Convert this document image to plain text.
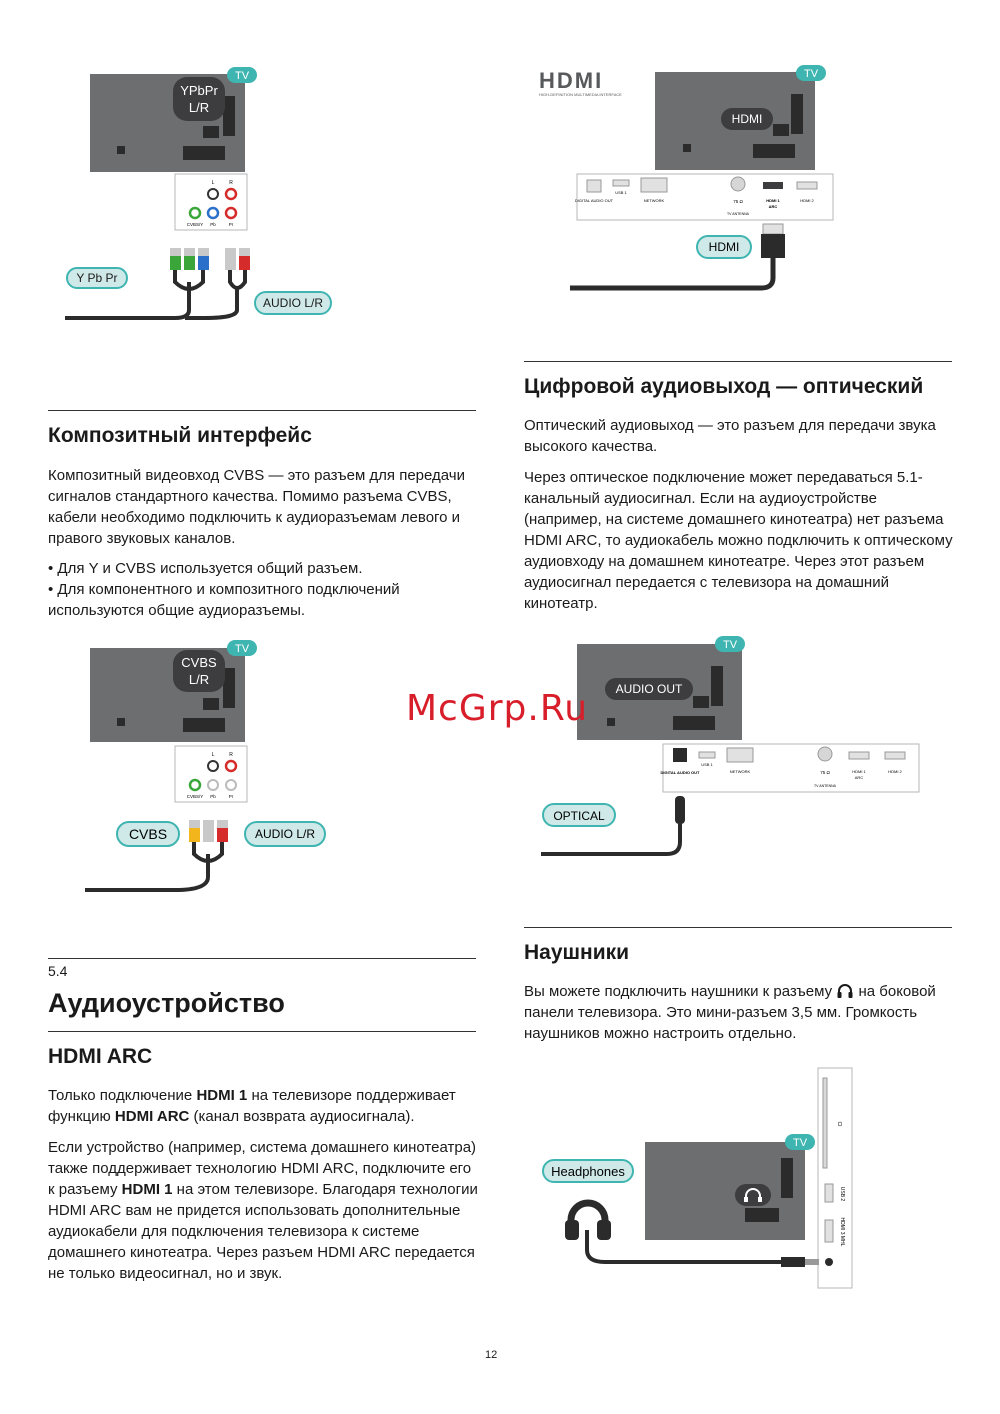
TV
YPbPr
L/R
L	R
CVBS/Y Pb	Pr
Y Pb Pr
AUDIO L/R
HDMI
HIGH-DEFINITION MULTIMEDIA INTERFACE
TV
HDMI
DIGITAL AUDIO OUT
USB 1
NETWORK	75 Ω
TV ANTENNA
HDMI 1
ARC
HDMI 2
HDMI
TV
CVBS
L/R
L	R
CVBS/Y Pb	Pr
CVBS	AUDIO L/R
TV
AUDIO OUT
DIGITAL AUDIO OUT
USB 1
NETWORK	75 Ω
TV ANTENNA
HDMI 1
ARC
HDMI 2
OPTICAL
TV
CI
USB 2
HDMI 3 MHL
Headphones
Композитный интерфейс

Композитный видеовход CVBS — это разъем для передачи сигналов стандартного качества. Помимо разъема CVBS, кабели необходимо подключить к аудиоразъемам левого и правого звуковых каналов.

• Для Y и CVBS используется общий разъем.

• Для компонентного и композитного подключений используются общие аудиоразъемы.

5.4
Аудиоустройство
HDMI ARC

Только подключение HDMI 1 на телевизоре поддерживает функцию HDMI ARC (канал возврата аудиосигнала).

Если устройство (например, система домашнего кинотеатра) также поддерживает технологию HDMI ARC, подключите его к разъему HDMI 1 на этом телевизоре. Благодаря технологии HDMI ARC вам не придется использовать дополнительные аудиокабели для подключения телевизора к системе домашнего кинотеатра. Через разъем HDMI ARC передается не только видеосигнал, но и звук.

Цифровой аудиовыход — оптический

Оптический аудиовыход — это разъем для передачи звука высокого качества.

Через оптическое подключение может передаваться 5.1-канальный аудиосигнал. Если на аудиоустройстве (например, на системе домашнего кинотеатра) нет разъема HDMI ARC, то аудиокабель можно подключить к оптическому аудиовходу на домашнем кинотеатре. Через этот разъем аудиосигнал передается с телевизора на домашний кинотеатр.

Наушники

Вы можете подключить наушники к разъему на боковой панели телевизора. Это мини-разъем 3,5 мм. Громкость наушников можно настроить отдельно.

McGrp.Ru
12
